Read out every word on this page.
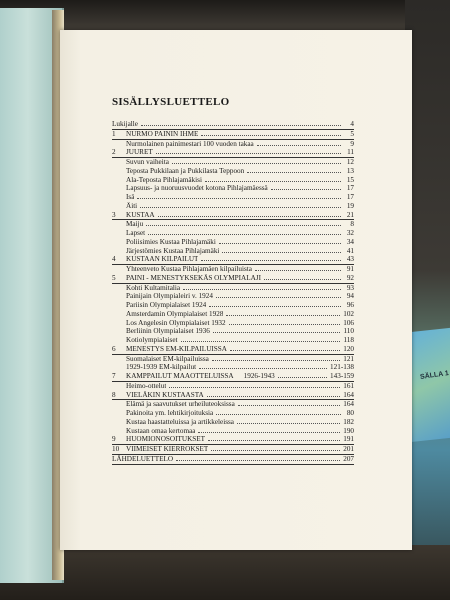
SÄLLA 1
SISÄLLYSLUETTELO
Lukijalle	4
1	NURMO PAININ IHME	5
Nurmolainen painimestari 100 vuoden takaa	9
2	JUURET	11
Suvun vaiheita	12
Teposta Pukkilaan ja Pukkilasta Teppoon	13
Ala-Teposta Pihlajamäkisi	15
Lapsuus- ja nuoruusvuodet kotona Pihlajamäessä	17
Isä	17
Äiti	19
3	KUSTAA	21
Maiju	8
Lapset	32
Poliisimies Kustaa Pihlajamäki	34
Järjestömies Kustaa Pihlajamäki	41
4	KUSTAAN KILPAILUT	43
Yhteenveto Kustaa Pihlajamäen kilpailuista	91
5	PAINI - MENESTYKSEKÄS OLYMPIALAJI	92
Kohti Kultamitalia	93
Painijain Olympialeiri v. 1924	94
Pariisin Olympialaiset 1924	96
Amsterdamin Olympialaiset 1928	102
Los Angelesin Olympialaiset 1932	106
Berliinin Olympialaiset 1936	110
Kotiolympialaiset	118
6	MENESTYS EM-KILPAILUISSA	120
Suomalaiset EM-kilpailuissa	121
1929-1939 EM-kilpailut	121-138
7	KAMPPAILUT MAAOTTELUISSA	1926-1943	143-159
Heimo-ottelut	161
8	VIELÄKIN KUSTAASTA	164
Elämä ja saavutukset urheiluteoksissa	164
Pakinoita ym. lehtikirjoituksia	80
Kustaa haastatteluissa ja artikkeleissa	182
Kustaan omaa kertomaa	190
9	HUOMIONOSOITUKSET	191
10 VIIMEISET KIERROKSET	201
LÄHDELUETTELO	207
